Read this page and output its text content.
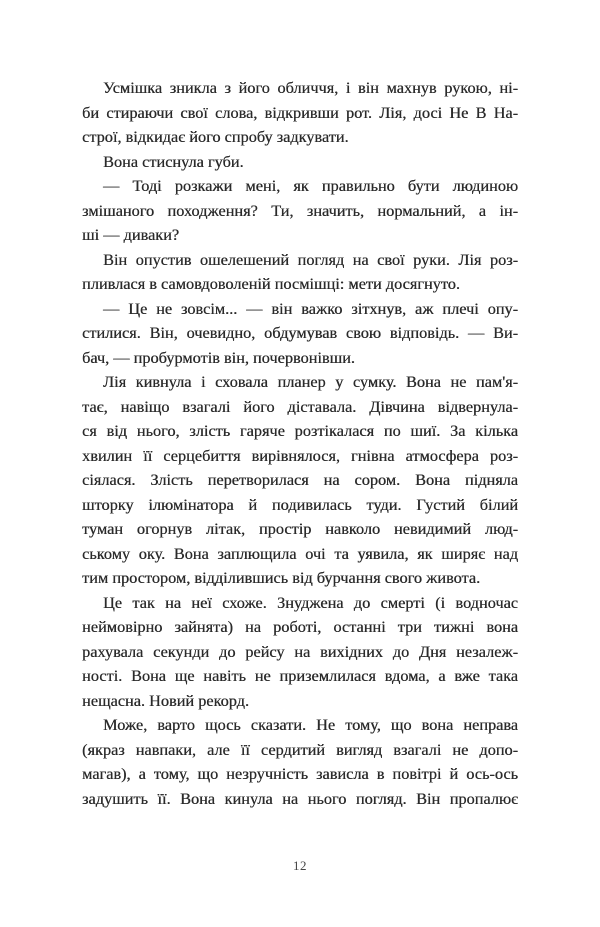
Усмішка зникла з його обличчя, і він махнув рукою, ні-
би стираючи свої слова, відкривши рот. Лія, досі Не В На-
строї, відкидає його спробу задкувати.
Вона стиснула губи.
— Тоді розкажи мені, як правильно бути людиною
змішаного походження? Ти, значить, нормальний, а ін-
ші — диваки?
Він опустив ошелешений погляд на свої руки. Лія роз-
пливлася в самовдоволеній посмішці: мети досягнуто.
— Це не зовсім... — він важко зітхнув, аж плечі опу-
стилися. Він, очевидно, обдумував свою відповідь. — Ви-
бач, — пробурмотів він, почервонівши.
Лія кивнула і сховала планер у сумку. Вона не пам'я-
тає, навіщо взагалі його діставала. Дівчина відвернула-
ся від нього, злість гаряче розтікалася по шиї. За кілька
хвилин її серцебиття вирівнялося, гнівна атмосфера роз-
сіялася. Злість перетворилася на сором. Вона підняла
шторку ілюмінатора й подивилась туди. Густий білий
туман огорнув літак, простір навколо невидимий люд-
ському оку. Вона заплющила очі та уявила, як ширяє над
тим простором, відділившись від бурчання свого живота.
Це так на неї схоже. Знуджена до смерті (і водночас
неймовірно зайнята) на роботі, останні три тижні вона
рахувала секунди до рейсу на вихідних до Дня незалеж-
ності. Вона ще навіть не приземлилася вдома, а вже така
нещасна. Новий рекорд.
Може, варто щось сказати. Не тому, що вона неправа
(якраз навпаки, але її сердитий вигляд взагалі не допо-
магав), а тому, що незручність зависла в повітрі й ось-ось
задушить її. Вона кинула на нього погляд. Він пропалює
12
